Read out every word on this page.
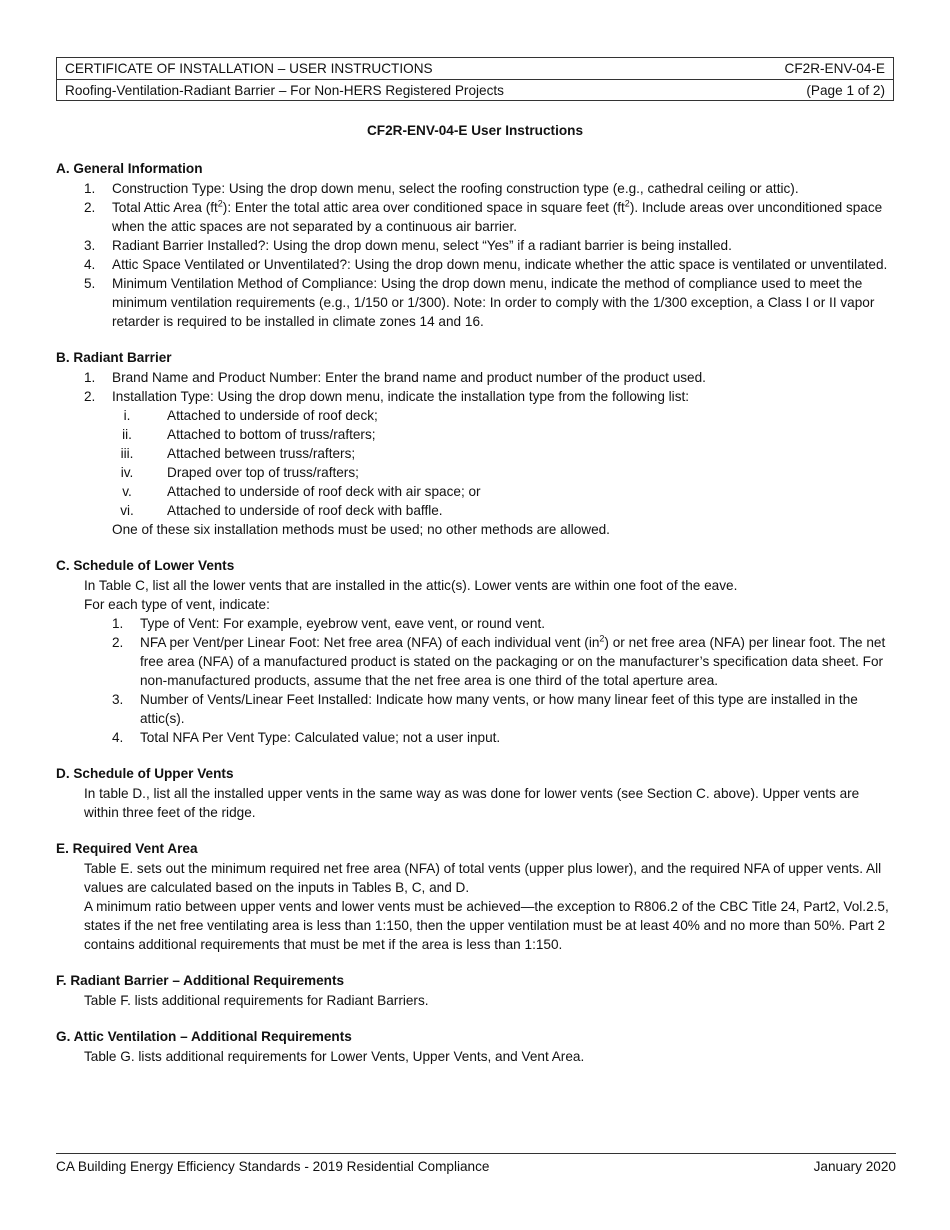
CERTIFICATE OF INSTALLATION – USER INSTRUCTIONS	CF2R-ENV-04-E
Roofing-Ventilation-Radiant Barrier – For Non-HERS Registered Projects	(Page 1 of 2)
CF2R-ENV-04-E User Instructions
A. General Information
1.	Construction Type: Using the drop down menu, select the roofing construction type (e.g., cathedral ceiling or attic).
2.	Total Attic Area $(ft^2)$: Enter the total attic area over conditioned space in square feet $(ft^2)$. Include areas over unconditioned space when the attic spaces are not separated by a continuous air barrier.
3.	Radiant Barrier Installed?: Using the drop down menu, select “Yes” if a radiant barrier is being installed.
4.	Attic Space Ventilated or Unventilated?: Using the drop down menu, indicate whether the attic space is ventilated or unventilated.
5.	Minimum Ventilation Method of Compliance: Using the drop down menu, indicate the method of compliance used to meet the minimum ventilation requirements (e.g., 1/150 or 1/300). Note: In order to comply with the 1/300 exception, a Class I or II vapor retarder is required to be installed in climate zones 14 and 16.
B. Radiant Barrier
1.	Brand Name and Product Number: Enter the brand name and product number of the product used.
2.	Installation Type: Using the drop down menu, indicate the installation type from the following list:
i.	Attached to underside of roof deck;
ii.	Attached to bottom of truss/rafters;
iii.	Attached between truss/rafters;
iv.	Draped over top of truss/rafters;
v.	Attached to underside of roof deck with air space; or
vi.	Attached to underside of roof deck with baffle.
One of these six installation methods must be used; no other methods are allowed.
C. Schedule of Lower Vents
In Table C, list all the lower vents that are installed in the attic(s). Lower vents are within one foot of the eave.
For each type of vent, indicate:
1.	Type of Vent: For example, eyebrow vent, eave vent, or round vent.
2.	NFA per Vent/per Linear Foot: Net free area (NFA) of each individual vent $(in^2)$ or net free area (NFA) per linear foot. The net free area (NFA) of a manufactured product is stated on the packaging or on the manufacturer’s specification data sheet. For non-manufactured products, assume that the net free area is one third of the total aperture area.
3.	Number of Vents/Linear Feet Installed: Indicate how many vents, or how many linear feet of this type are installed in the attic(s).
4.	Total NFA Per Vent Type: Calculated value; not a user input.
D. Schedule of Upper Vents
In table D., list all the installed upper vents in the same way as was done for lower vents (see Section C. above). Upper vents are within three feet of the ridge.
E. Required Vent Area
Table E. sets out the minimum required net free area (NFA) of total vents (upper plus lower), and the required NFA of upper vents. All values are calculated based on the inputs in Tables B, C, and D.
A minimum ratio between upper vents and lower vents must be achieved—the exception to R806.2 of the CBC Title 24, Part2, Vol.2.5, states if the net free ventilating area is less than 1:150, then the upper ventilation must be at least 40% and no more than 50%. Part 2 contains additional requirements that must be met if the area is less than 1:150.
F. Radiant Barrier – Additional Requirements
Table F. lists additional requirements for Radiant Barriers.
G. Attic Ventilation – Additional Requirements
Table G. lists additional requirements for Lower Vents, Upper Vents, and Vent Area.
CA Building Energy Efficiency Standards - 2019 Residential Compliance	January 2020
